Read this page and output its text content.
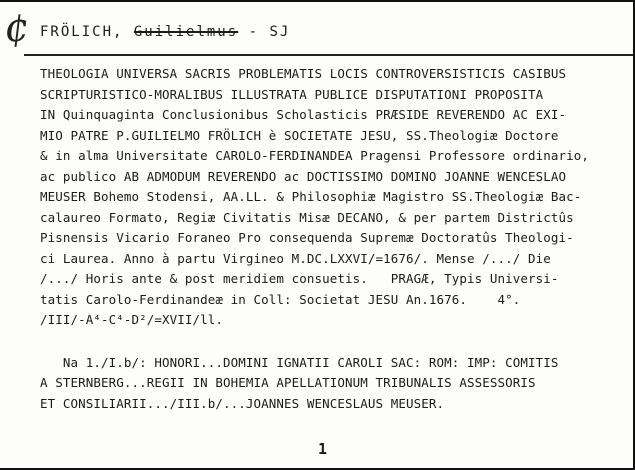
¢ FRÖLICH, Guilielmus - SJ
THEOLOGIA UNIVERSA SACRIS PROBLEMATIS LOCIS CONTROVERSISTICIS CASIBUS
SCRIPTURISTICO-MORALIBUS ILLUSTRATA PUBLICE DISPUTATIONI PROPOSITA
IN Quinquaginta Conclusionibus Scholasticis PRÆSIDE REVERENDO AC EXI-
MIO PATRE P.GUILIELMO FRÖLICH è SOCIETATE JESU, SS.Theologiæ Doctore
& in alma Universitate CAROLO-FERDINANDEA Pragensi Professore ordinario,
ac publico AB ADMODUM REVERENDO ac DOCTISSIMO DOMINO JOANNE WENCESLAO
MEUSER Bohemo Stodensi, AA.LL. & Philosophiæ Magistro SS.Theologiæ Bac-
calaureo Formato, Regiæ Civitatis Misæ DECANO, & per partem Districtûs
Pisnensis Vicario Foraneo Pro consequenda Supremæ Doctoratûs Theologi-
ci Laurea. Anno à partu Virgineo M.DC.LXXVI/=1676/. Mense /.../ Die
/.../ Horis ante & post meridiem consuetis.   PRAGÆ, Typis Universi-
tatis Carolo-Ferdinandeæ in Coll: Societat JESU An.1676.    4°.
/III/-A⁴-C⁴-D²/=XVII/ll.
Na 1./I.b/: HONORI...DOMINI IGNATII CAROLI SAC: ROM: IMP: COMITIS
A STERNBERG...REGII IN BOHEMIA APELLATIONUM TRIBUNALIS ASSESSORIS
ET CONSILIARII.../III.b/...JOANNES WENCESLAUS MEUSER.
1
